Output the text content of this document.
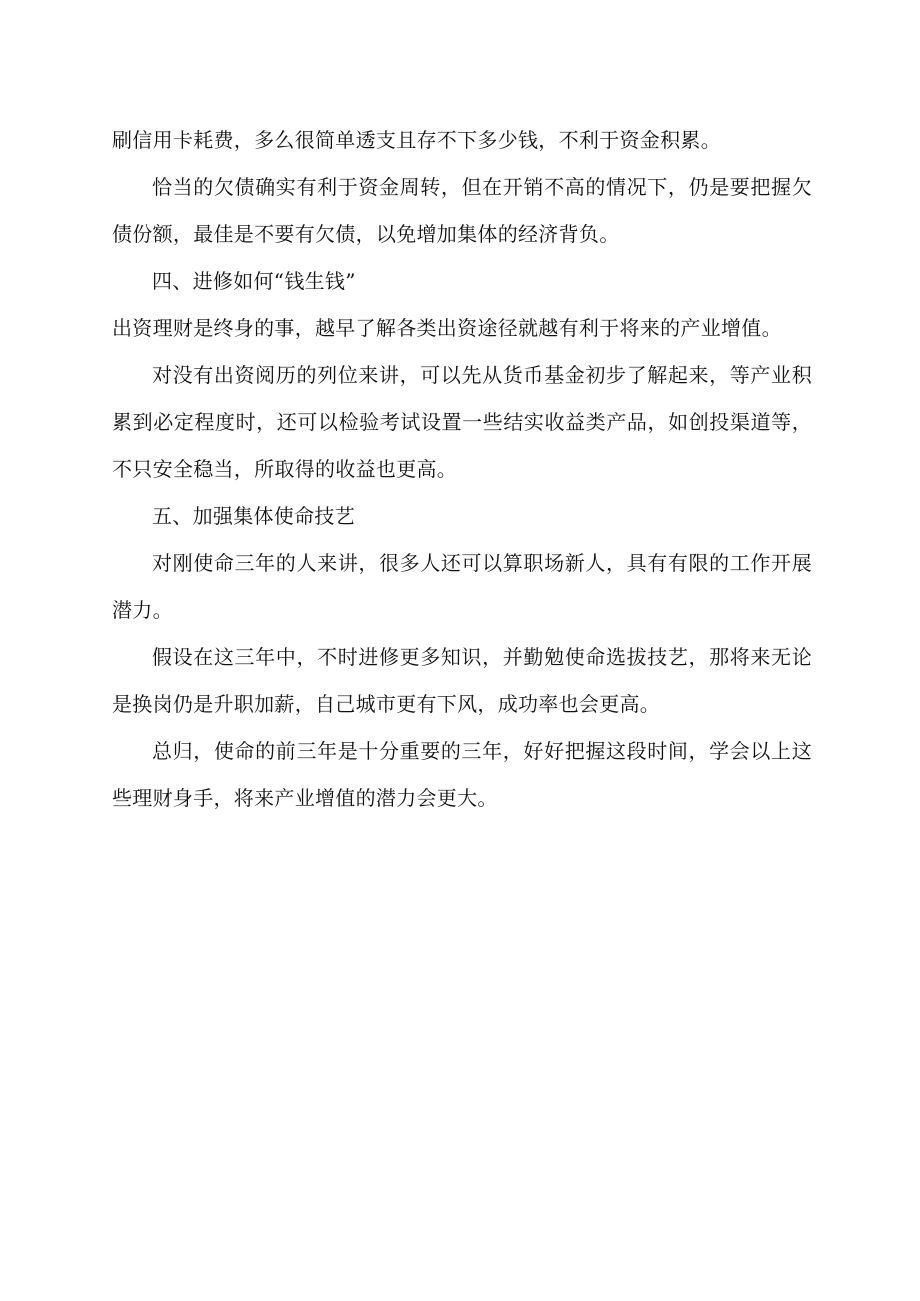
刷信用卡耗费，多么很简单透支且存不下多少钱，不利于资金积累。

恰当的欠债确实有利于资金周转，但在开销不高的情况下，仍是要把握欠债份额，最佳是不要有欠债，以免增加集体的经济背负。

四、进修如何“钱生钱”

出资理财是终身的事，越早了解各类出资途径就越有利于将来的产业增值。

对没有出资阅历的列位来讲，可以先从货币基金初步了解起来，等产业积累到必定程度时，还可以检验考试设置一些结实收益类产品，如创投渠道等，不只安全稳当，所取得的收益也更高。

五、加强集体使命技艺

对刚使命三年的人来讲，很多人还可以算职场新人，具有有限的工作开展潜力。

假设在这三年中，不时进修更多知识，并勤勉使命选拔技艺，那将来无论是换岗仍是升职加薪，自己城市更有下风，成功率也会更高。

总归，使命的前三年是十分重要的三年，好好把握这段时间，学会以上这些理财身手，将来产业增值的潜力会更大。
